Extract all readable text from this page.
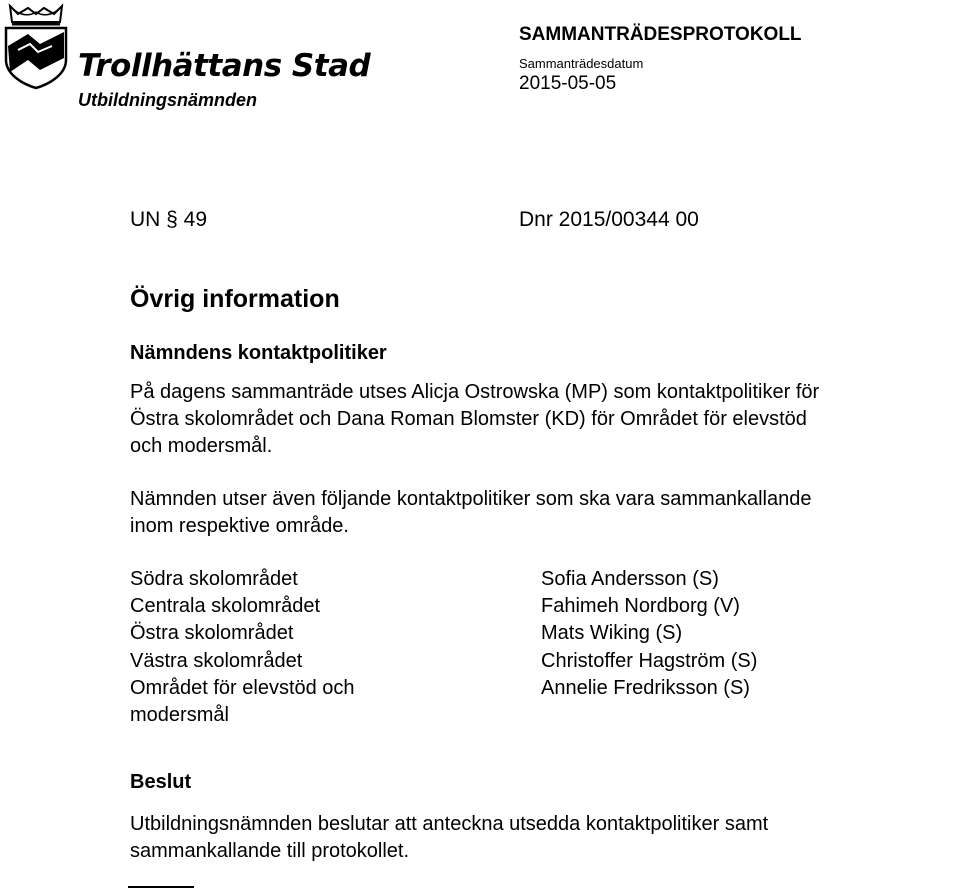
Trollhättans Stad
Utbildningsnämnden
SAMMANTRÄDESPROTOKOLL
Sammanträdesdatum
2015-05-05
UN § 49	Dnr 2015/00344 00
Övrig information
Nämndens kontaktpolitiker
På dagens sammanträde utses Alicja Ostrowska (MP) som kontaktpolitiker för
Östra skolområdet och Dana Roman Blomster (KD) för Området för elevstöd
och modersmål.
Nämnden utser även följande kontaktpolitiker som ska vara sammankallande
inom respektive område.
Södra skolområdet	Sofia Andersson (S)
Centrala skolområdet	Fahimeh Nordborg (V)
Östra skolområdet	Mats Wiking (S)
Västra skolområdet	Christoffer Hagström (S)
Området för elevstöd och	Annelie Fredriksson (S)
modersmål
Beslut
Utbildningsnämnden beslutar att anteckna utsedda kontaktpolitiker samt
sammankallande till protokollet.
